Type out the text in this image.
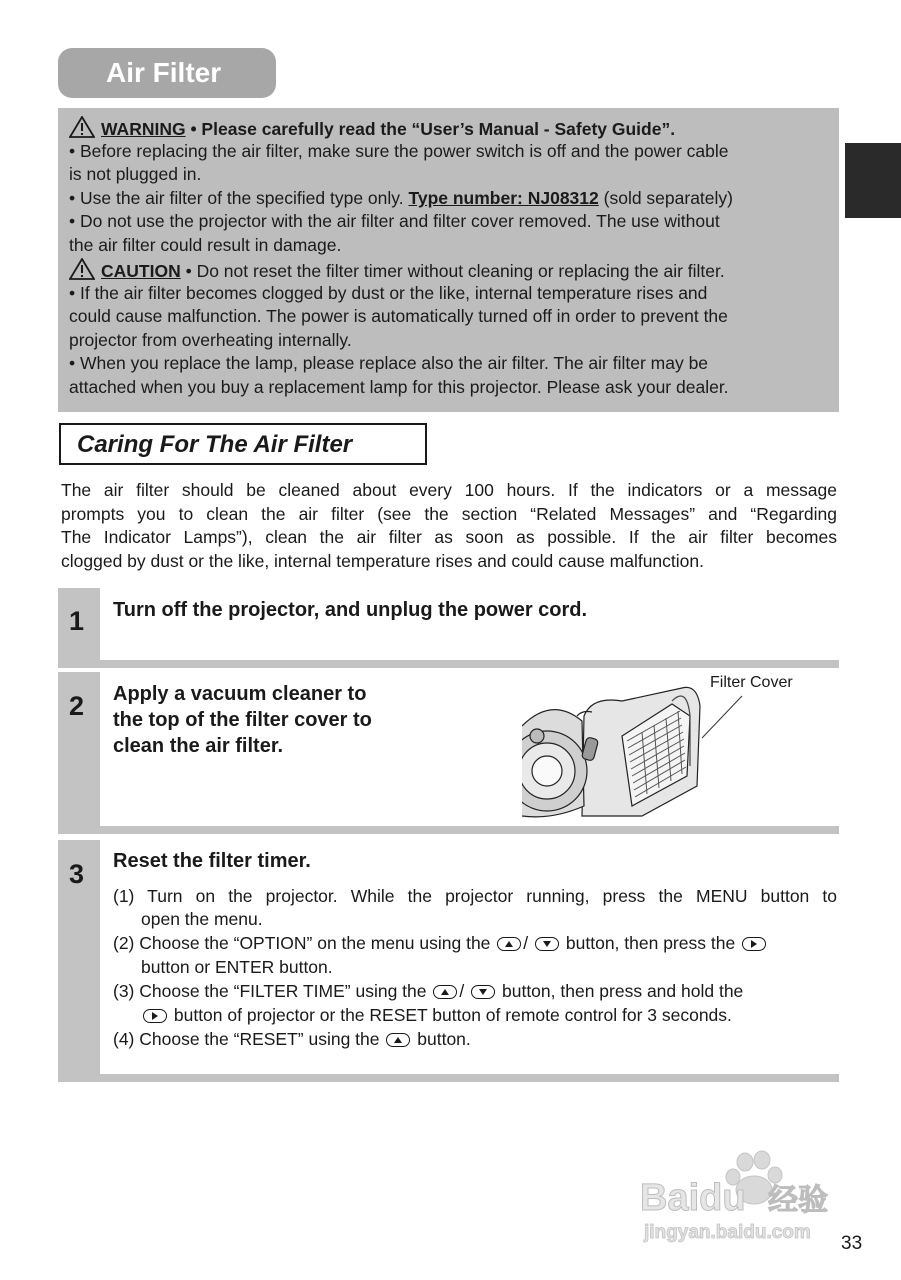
Air Filter
WARNING • Please carefully read the “User’s Manual - Safety Guide”.
• Before replacing the air filter, make sure the power switch is off and the power cable
is not plugged in.
• Use the air filter of the specified type only. Type number: NJ08312 (sold separately)
• Do not use the projector with the air filter and filter cover removed. The use without
the air filter could result in damage.
CAUTION • Do not reset the filter timer without cleaning or replacing the air filter.
• If the air filter becomes clogged by dust or the like, internal temperature rises and
could cause malfunction. The power is automatically turned off in order to prevent the
projector from overheating internally.
• When you replace the lamp, please replace also the air filter. The air filter may be
attached when you buy a replacement lamp for this projector. Please ask your dealer.
Caring For The Air Filter
The air filter should be cleaned about every 100 hours. If the indicators or a message
prompts you to clean the air filter (see the section “Related Messages” and “Regarding
The Indicator Lamps”), clean the air filter as soon as possible. If the air filter becomes
clogged by dust or the like, internal temperature rises and could cause malfunction.
1 Turn off the projector, and unplug the power cord.
2 Apply a vacuum cleaner to
the top of the filter cover to
clean the air filter.
Filter Cover
3 Reset the filter timer.
(1) Turn on the projector. While the projector running, press the MENU button to
open the menu.
(2) Choose the “OPTION” on the menu using the /  button, then press the
button or ENTER button.
(3) Choose the “FILTER TIME” using the /  button, then press and hold the
button of projector or the RESET button of remote control for 3 seconds.
(4) Choose the “RESET” using the  button.
Baidu 经验
jingyan.baidu.com
33
